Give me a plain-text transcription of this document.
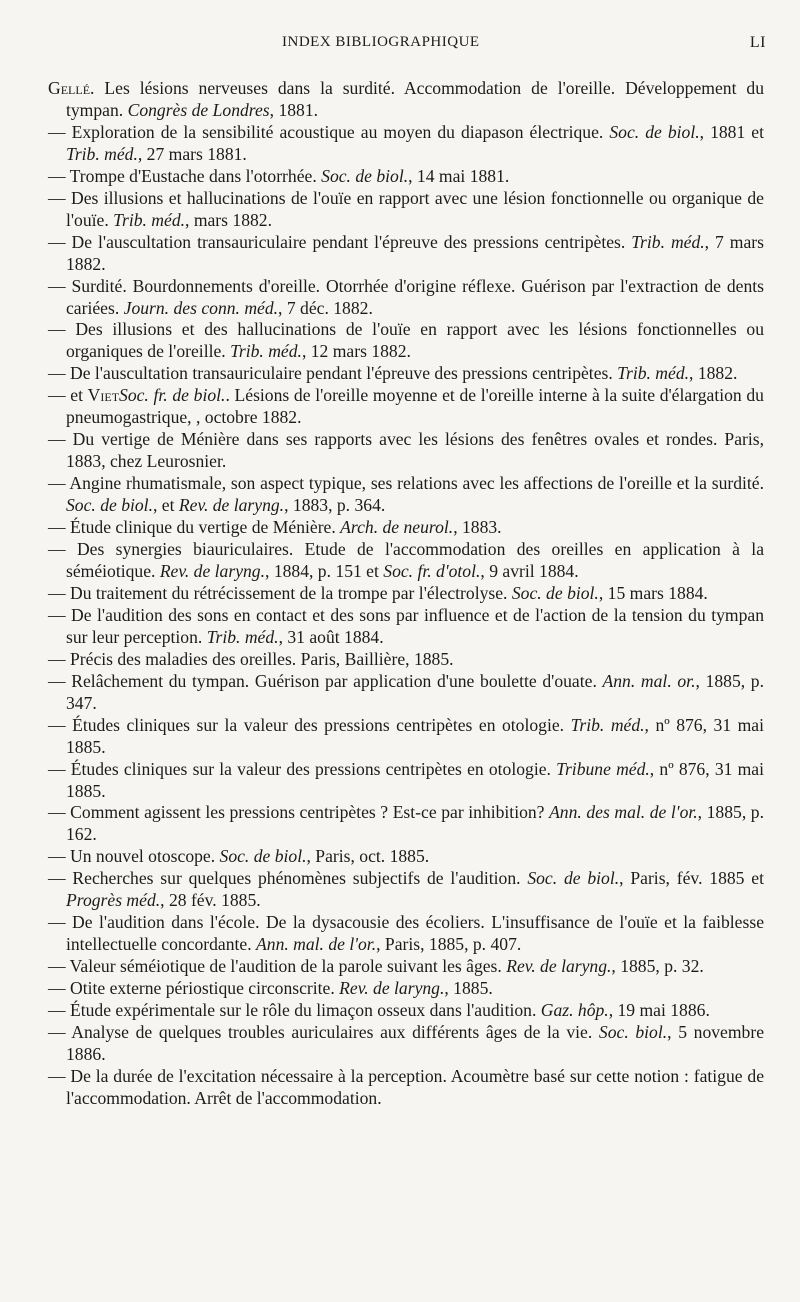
INDEX BIBLIOGRAPHIQUE	LI
Gellé. Les lésions nerveuses dans la surdité. Accommodation de l'oreille. Développement du tympan. Congrès de Londres, 1881.
— Exploration de la sensibilité acoustique au moyen du diapason électrique. Soc. de biol., 1881 et Trib. méd., 27 mars 1881.
— Trompe d'Eustache dans l'otorrhée. Soc. de biol., 14 mai 1881.
— Des illusions et hallucinations de l'ouïe en rapport avec une lésion fonctionnelle ou organique de l'ouïe. Trib. méd., mars 1882.
— De l'auscultation transauriculaire pendant l'épreuve des pressions centripètes. Trib. méd., 7 mars 1882.
— Surdité. Bourdonnements d'oreille. Otorrhée d'origine réflexe. Guérison par l'extraction de dents cariées. Journ. des conn. méd., 7 déc. 1882.
— Des illusions et des hallucinations de l'ouïe en rapport avec les lésions fonctionnelles ou organiques de l'oreille. Trib. méd., 12 mars 1882.
— De l'auscultation transauriculaire pendant l'épreuve des pressions centripètes. Trib. méd., 1882.
— et VietSoc. fr. de biol.. Lésions de l'oreille moyenne et de l'oreille interne à la suite d'élargation du pneumogastrique, , octobre 1882.
— Du vertige de Ménière dans ses rapports avec les lésions des fenêtres ovales et rondes. Paris, 1883, chez Leurosnier.
— Angine rhumatismale, son aspect typique, ses relations avec les affections de l'oreille et la surdité. Soc. de biol., et Rev. de laryng., 1883, p. 364.
— Étude clinique du vertige de Ménière. Arch. de neurol., 1883.
— Des synergies biauriculaires. Etude de l'accommodation des oreilles en application à la séméiotique. Rev. de laryng., 1884, p. 151 et Soc. fr. d'otol., 9 avril 1884.
— Du traitement du rétrécissement de la trompe par l'électrolyse. Soc. de biol., 15 mars 1884.
— De l'audition des sons en contact et des sons par influence et de l'action de la tension du tympan sur leur perception. Trib. méd., 31 août 1884.
— Précis des maladies des oreilles. Paris, Baillière, 1885.
— Relâchement du tympan. Guérison par application d'une boulette d'ouate. Ann. mal. or., 1885, p. 347.
— Études cliniques sur la valeur des pressions centripètes en otologie. Trib. méd., nº 876, 31 mai 1885.
— Études cliniques sur la valeur des pressions centripètes en otologie. Tribune méd., nº 876, 31 mai 1885.
— Comment agissent les pressions centripètes ? Est-ce par inhibition? Ann. des mal. de l'or., 1885, p. 162.
— Un nouvel otoscope. Soc. de biol., Paris, oct. 1885.
— Recherches sur quelques phénomènes subjectifs de l'audition. Soc. de biol., Paris, fév. 1885 et Progrès méd., 28 fév. 1885.
— De l'audition dans l'école. De la dysacousie des écoliers. L'insuffisance de l'ouïe et la faiblesse intellectuelle concordante. Ann. mal. de l'or., Paris, 1885, p. 407.
— Valeur séméiotique de l'audition de la parole suivant les âges. Rev. de laryng., 1885, p. 32.
— Otite externe périostique circonscrite. Rev. de laryng., 1885.
— Étude expérimentale sur le rôle du limaçon osseux dans l'audition. Gaz. hôp., 19 mai 1886.
— Analyse de quelques troubles auriculaires aux différents âges de la vie. Soc. biol., 5 novembre 1886.
— De la durée de l'excitation nécessaire à la perception. Acoumètre basé sur cette notion : fatigue de l'accommodation. Arrêt de l'accommodation.
